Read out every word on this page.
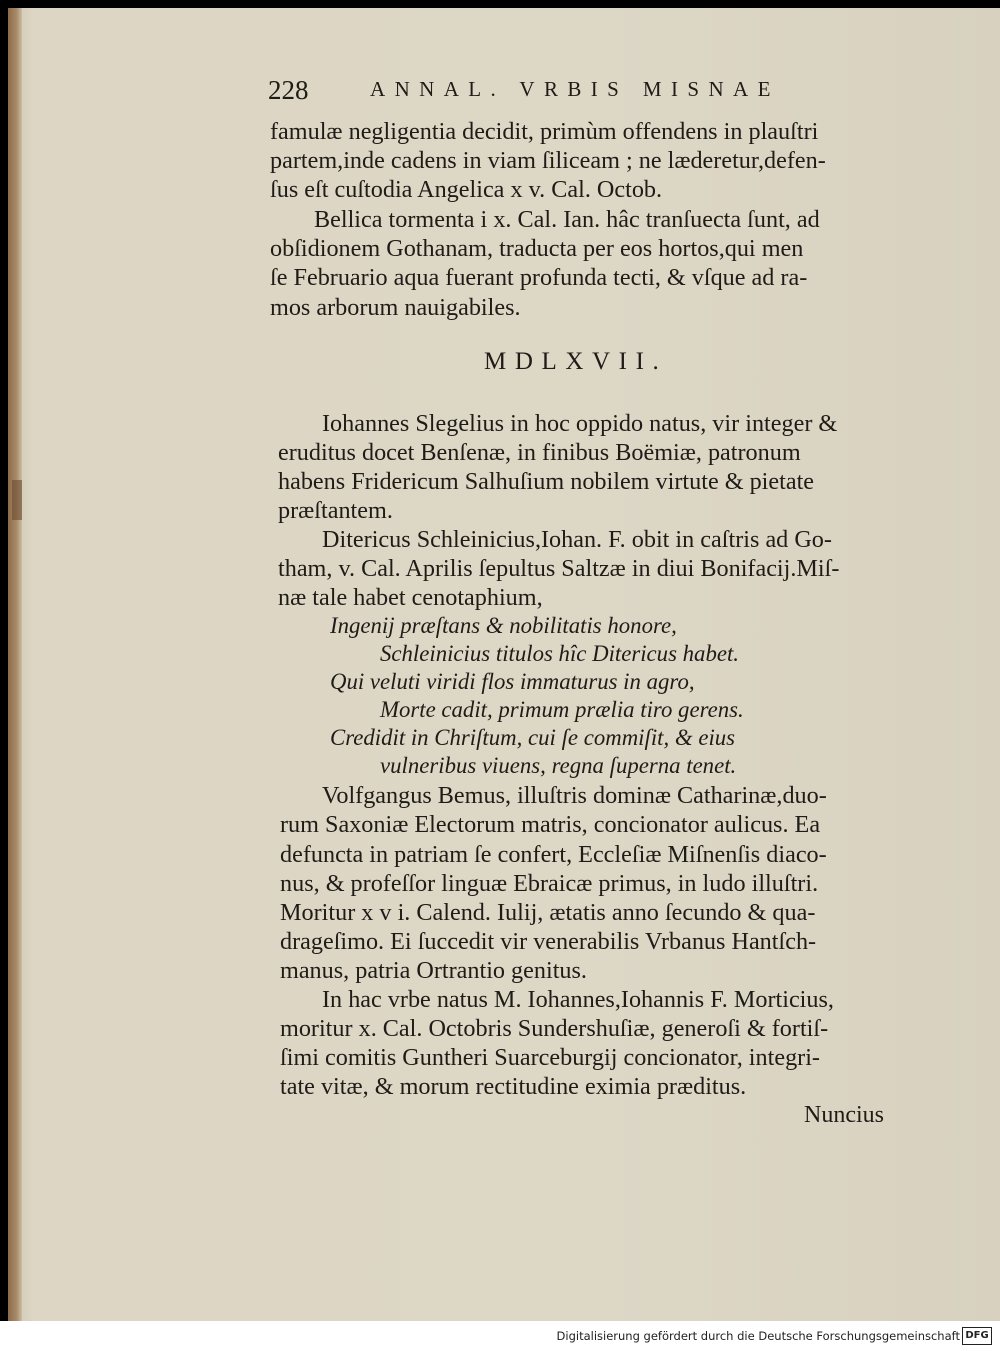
228	ANNAL. VRBIS MISNAE
famulæ negligentia decidit, primùm offendens in plauſtri
partem,inde cadens in viam ſiliceam ; ne læderetur,defen-
ſus eſt cuſtodia Angelica x v. Cal. Octob.
Bellica tormenta i x. Cal. Ian. hâc tranſuecta ſunt, ad
obſidionem Gothanam, traducta per eos hortos,qui men
ſe Februario aqua fuerant profunda tecti, & vſque ad ra-
mos arborum nauigabiles.
MDLXVII.
Iohannes Slegelius in hoc oppido natus, vir integer &
eruditus docet Benſenæ, in finibus Boëmiæ, patronum
habens Fridericum Salhuſium nobilem virtute & pietate
præſtantem.
Ditericus Schleinicius,Iohan. F. obit in caſtris ad Go-
tham, v. Cal. Aprilis ſepultus Saltzæ in diui Bonifacij.Miſ-
næ tale habet cenotaphium,
Ingenij præſtans & nobilitatis honore,
Schleinicius titulos hîc Ditericus habet.
Qui veluti viridi flos immaturus in agro,
Morte cadit, primum prælia tiro gerens.
Credidit in Chriſtum, cui ſe commiſit, & eius
vulneribus viuens, regna ſuperna tenet.
Volfgangus Bemus, illuſtris dominæ Catharinæ,duo-
rum Saxoniæ Electorum matris, concionator aulicus. Ea
defuncta in patriam ſe confert, Eccleſiæ Miſnenſis diaco-
nus, & profeſſor linguæ Ebraicæ primus, in ludo illuſtri.
Moritur x v i. Calend. Iulij, ætatis anno ſecundo & qua-
drageſimo. Ei ſuccedit vir venerabilis Vrbanus Hantſch-
manus, patria Ortrantio genitus.
In hac vrbe natus M. Iohannes,Iohannis F. Morticius,
moritur x. Cal. Octobris Sundershuſiæ, generoſi & fortiſ-
ſimi comitis Guntheri Suarceburgij concionator, integri-
tate vitæ, & morum rectitudine eximia præditus.
Nuncius
Digitalisierung gefördert durch die Deutsche Forschungsgemeinschaft DFG
